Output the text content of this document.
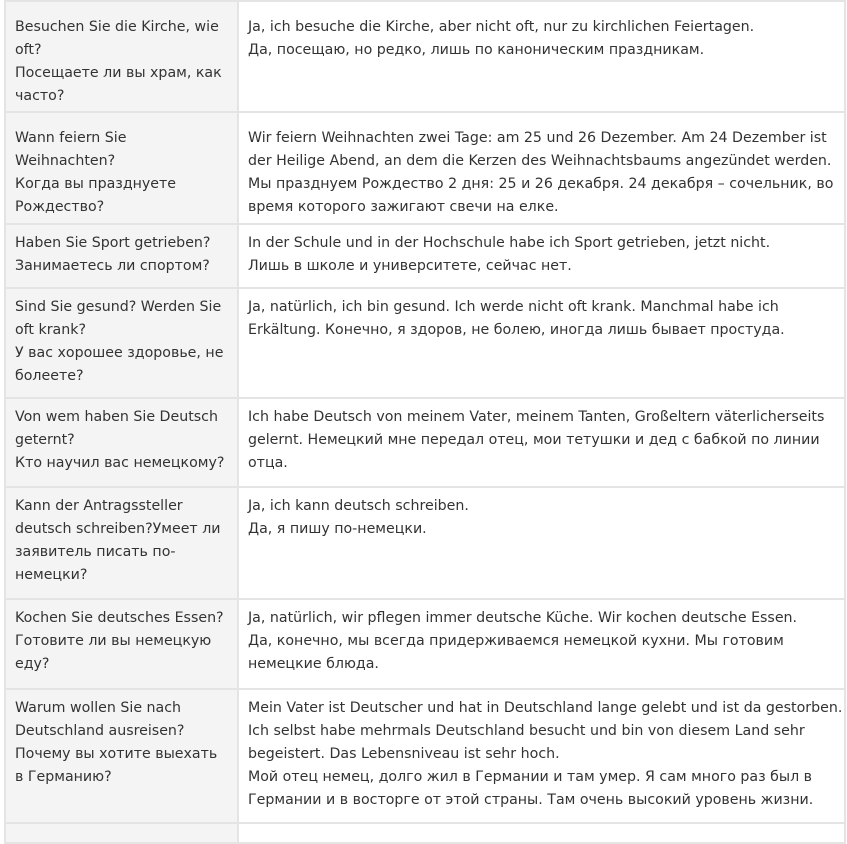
Besuchen Sie die Kirche, wie oft?
Посещаете ли вы храм, как часто?	Ja, ich besuche die Kirche, aber nicht oft, nur zu kirchlichen Feiertagen.
Да, посещаю, но редко, лишь по каноническим праздникам.

Wann feiern Sie Weihnachten?
Когда вы празднуете Рождество?	Wir feiern Weihnachten zwei Tage: am 25 und 26 Dezember. Am 24 Dezember ist
der Heilige Abend, an dem die Kerzen des Weihnachtsbaums angezündet werden.
Мы празднуем Рождество 2 дня: 25 и 26 декабря. 24 декабря – сочельник, во
время которого зажигают свечи на елке.

Haben Sie Sport getrieben?
Занимаетесь ли спортом?	In der Schule und in der Hochschule habe ich Sport getrieben, jetzt nicht.
Лишь в школе и университете, сейчас нет.

Sind Sie gesund? Werden Sie oft krank?
У вас хорошее здоровье, не болеете?	Ja, natürlich, ich bin gesund. Ich werde nicht oft krank. Manchmal habe ich
Erkältung. Конечно, я здоров, не болею, иногда лишь бывает простуда.

Von wem haben Sie Deutsch geternt?
Кто научил вас немецкому?	Ich habe Deutsch von meinem Vater, meinem Tanten, Großeltern väterlicherseits
gelernt. Немецкий мне передал отец, мои тетушки и дед с бабкой по линии
отца.

Kann der Antragssteller deutsch schreiben?Умеет ли заявитель писать по-немецки?	Ja, ich kann deutsch schreiben.
Да, я пишу по-немецки.

Kochen Sie deutsches Essen?
Готовите ли вы немецкую еду?	Ja, natürlich, wir pflegen immer deutsche Küche. Wir kochen deutsche Essen.
Да, конечно, мы всегда придерживаемся немецкой кухни. Мы готовим
немецкие блюда.

Warum wollen Sie nach Deutschland ausreisen?
Почему вы хотите выехать в Германию?	Mein Vater ist Deutscher und hat in Deutschland lange gelebt und ist da gestorben.
Ich selbst habe mehrmals Deutschland besucht und bin von diesem Land sehr
begeistert. Das Lebensniveau ist sehr hoch.
Мой отец немец, долго жил в Германии и там умер. Я сам много раз был в
Германии и в восторге от этой страны. Там очень высокий уровень жизни.
